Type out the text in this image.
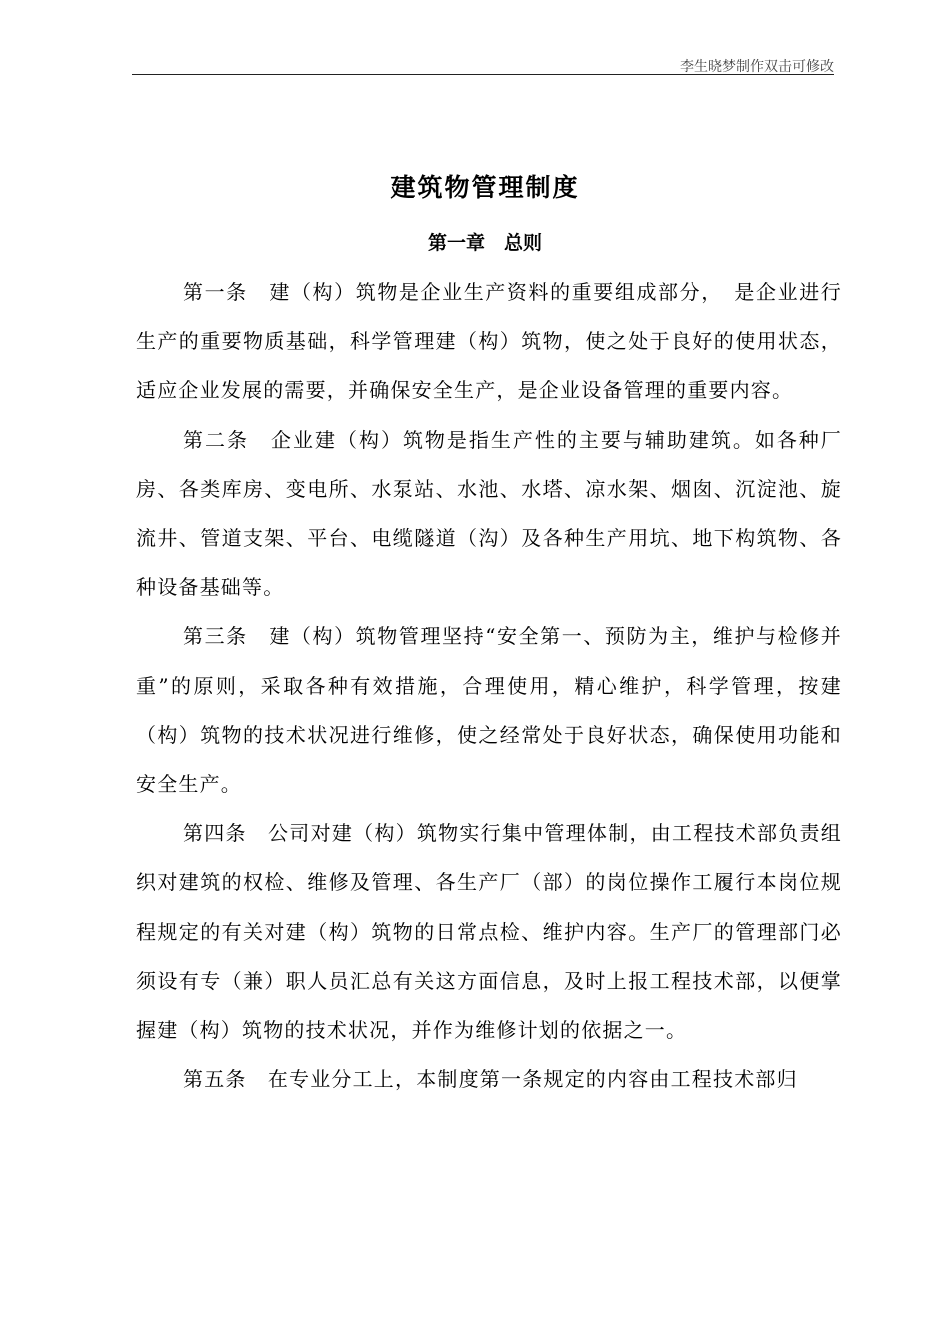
李生晓梦制作双击可修改
建筑物管理制度
第一章　总则

第一条　建（构）筑物是企业生产资料的重要组成部分，　是企业进行生产的重要物质基础，科学管理建（构）筑物，使之处于良好的使用状态，适应企业发展的需要，并确保安全生产，是企业设备管理的重要内容。

第二条　企业建（构）筑物是指生产性的主要与辅助建筑。如各种厂房、各类库房、变电所、水泵站、水池、水塔、凉水架、烟囱、沉淀池、旋流井、管道支架、平台、电缆隧道（沟）及各种生产用坑、地下构筑物、各种设备基础等。

第三条　建（构）筑物管理坚持“安全第一、预防为主，维护与检修并重”的原则，采取各种有效措施，合理使用，精心维护，科学管理，按建（构）筑物的技术状况进行维修，使之经常处于良好状态，确保使用功能和安全生产。

第四条　公司对建（构）筑物实行集中管理体制，由工程技术部负责组织对建筑的权检、维修及管理、各生产厂（部）的岗位操作工履行本岗位规程规定的有关对建（构）筑物的日常点检、维护内容。生产厂的管理部门必须设有专（兼）职人员汇总有关这方面信息，及时上报工程技术部，以便掌握建（构）筑物的技术状况，并作为维修计划的依据之一。

第五条　在专业分工上，本制度第一条规定的内容由工程技术部归
